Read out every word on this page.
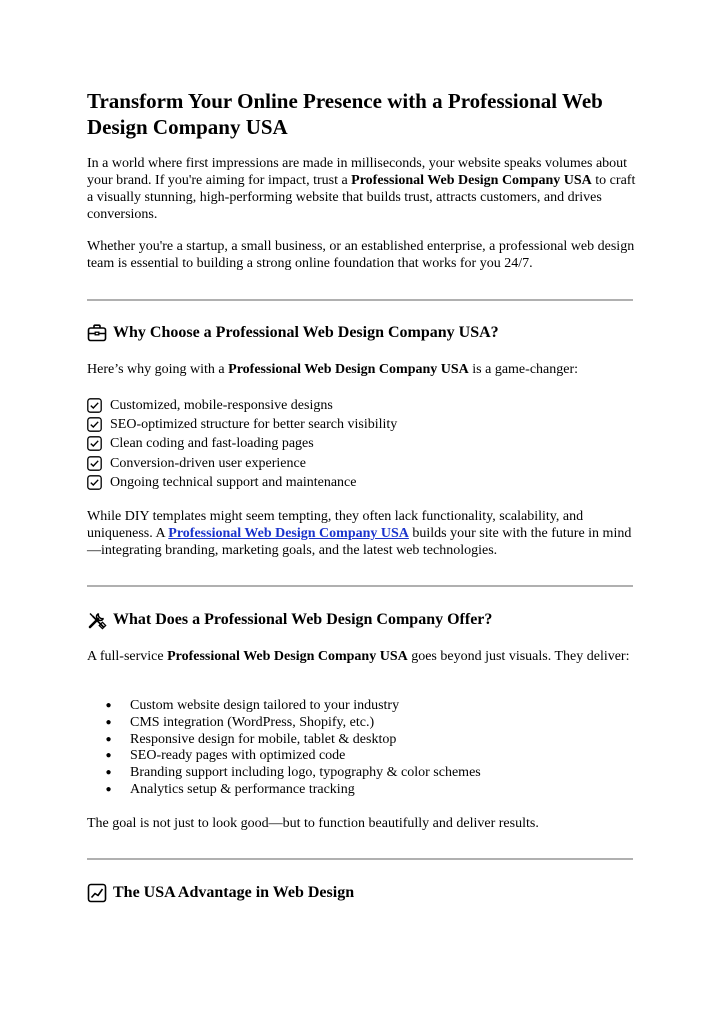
Transform Your Online Presence with a Professional Web Design Company USA

In a world where first impressions are made in milliseconds, your website speaks volumes about your brand. If you're aiming for impact, trust a Professional Web Design Company USA to craft a visually stunning, high-performing website that builds trust, attracts customers, and drives conversions.

Whether you're a startup, a small business, or an established enterprise, a professional web design team is essential to building a strong online foundation that works for you 24/7.

Why Choose a Professional Web Design Company USA?

Here’s why going with a Professional Web Design Company USA is a game-changer:

Customized, mobile-responsive designs
SEO-optimized structure for better search visibility
Clean coding and fast-loading pages
Conversion-driven user experience
Ongoing technical support and maintenance

While DIY templates might seem tempting, they often lack functionality, scalability, and uniqueness. A Professional Web Design Company USA builds your site with the future in mind—integrating branding, marketing goals, and the latest web technologies.

What Does a Professional Web Design Company Offer?

A full-service Professional Web Design Company USA goes beyond just visuals. They deliver:

●	Custom website design tailored to your industry
●	CMS integration (WordPress, Shopify, etc.)
●	Responsive design for mobile, tablet & desktop
●	SEO-ready pages with optimized code
●	Branding support including logo, typography & color schemes
●	Analytics setup & performance tracking

The goal is not just to look good—but to function beautifully and deliver results.

The USA Advantage in Web Design
